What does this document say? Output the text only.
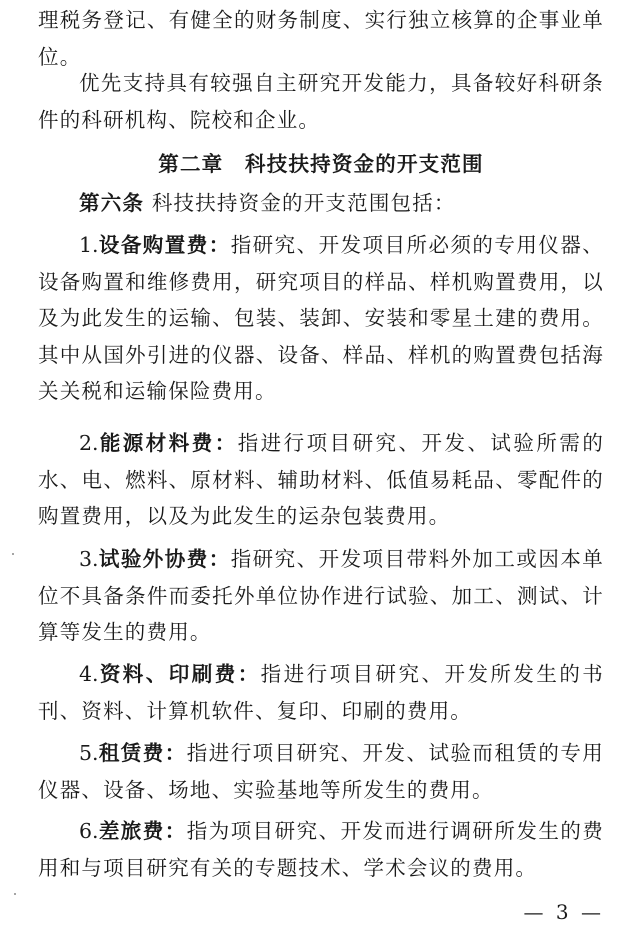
理税务登记、有健全的财务制度、实行独立核算的企事业单位。

优先支持具有较强自主研究开发能力，具备较好科研条件的科研机构、院校和企业。

第二章　科技扶持资金的开支范围

第六条 科技扶持资金的开支范围包括：

1.设备购置费：指研究、开发项目所必须的专用仪器、设备购置和维修费用，研究项目的样品、样机购置费用，以及为此发生的运输、包装、装卸、安装和零星土建的费用。其中从国外引进的仪器、设备、样品、样机的购置费包括海关关税和运输保险费用。

2.能源材料费：指进行项目研究、开发、试验所需的水、电、燃料、原材料、辅助材料、低值易耗品、零配件的购置费用，以及为此发生的运杂包装费用。

3.试验外协费：指研究、开发项目带料外加工或因本单位不具备条件而委托外单位协作进行试验、加工、测试、计算等发生的费用。

4.资料、印刷费：指进行项目研究、开发所发生的书刊、资料、计算机软件、复印、印刷的费用。

5.租赁费：指进行项目研究、开发、试验而租赁的专用仪器、设备、场地、实验基地等所发生的费用。

6.差旅费：指为项目研究、开发而进行调研所发生的费用和与项目研究有关的专题技术、学术会议的费用。

— 3 —
